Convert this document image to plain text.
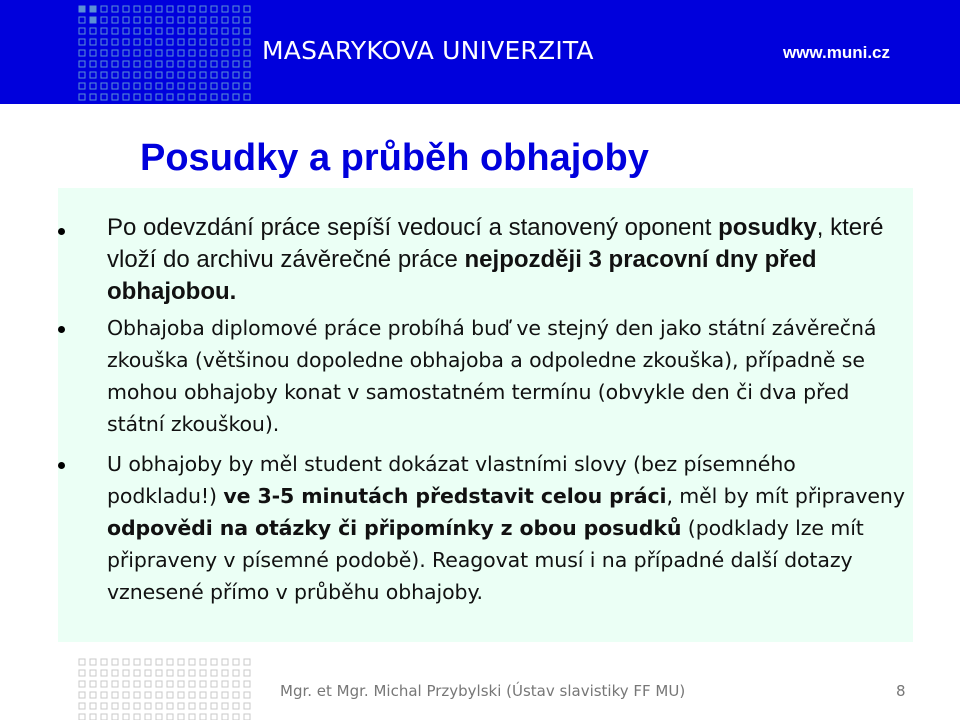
MASARYKOVA UNIVERZITA	www.muni.cz
Posudky a průběh obhajoby
Po odevzdání práce sepíší vedoucí a stanovený oponent posudky, které vloží do archivu závěrečné práce nejpozději 3 pracovní dny před obhajobou.
Obhajoba diplomové práce probíhá buď ve stejný den jako státní závěrečná zkouška (většinou dopoledne obhajoba a odpoledne zkouška), případně se mohou obhajoby konat v samostatném termínu (obvykle den či dva před státní zkouškou).
U obhajoby by měl student dokázat vlastními slovy (bez písemného podkladu!) ve 3-5 minutách představit celou práci, měl by mít připraveny odpovědi na otázky či připomínky z obou posudků (podklady lze mít připraveny v písemné podobě). Reagovat musí i na případné další dotazy vznesené přímo v průběhu obhajoby.
Mgr. et Mgr. Michal Przybylski (Ústav slavistiky FF MU)	8
